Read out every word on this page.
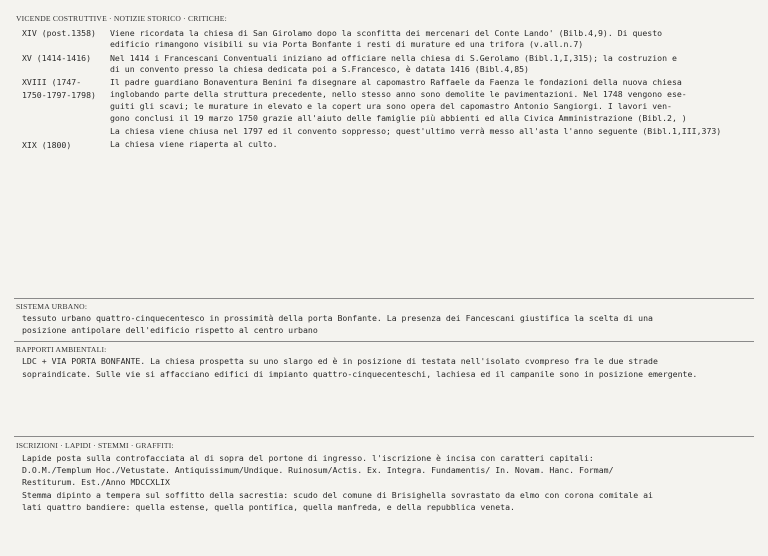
VICENDE COSTRUTTIVE · NOTIZIE STORICO · CRITICHE:
XIV (post.1358) Viene ricordata la chiesa di San Girolamo dopo la sconfitta dei mercenari del Conte Lando' (Bilb.4,9). Di questo
edificio rimangono visibili su via Porta Bonfante i resti di murature ed una trifora (v.all.n.7)
XV (1414-1416) Nel 1414 i Francescani Conventuali iniziano ad officiare nella chiesa di S.Gerolamo (Bibl.1,I,315); la costruzion e
di un convento presso la chiesa dedicata poi a S.Francesco, è datata 1416 (Bibl.4,85)
XVIII (1747-
1750-1797-1798)
Il padre guardiano Bonaventura Benini fa disegnare al capomastro Raffaele da Faenza le fondazioni della nuova chiesa
inglobando parte della struttura precedente, nello stesso anno sono demolite le pavimentazioni. Nel 1748 vengono ese-
guiti gli scavi; le murature in elevato e la copert ura sono opera del capomastro Antonio Sangiorgi. I lavori ven-
gono conclusi il 19 marzo 1750 grazie all'aiuto delle famiglie più abbienti ed alla Civica Amministrazione (Bibl.2, )
La chiesa viene chiusa nel 1797 ed il convento soppresso; quest'ultimo verrà messo all'asta l'anno seguente (Bibl.1,III,373)
XIX (1800)	La chiesa viene riaperta al culto.
SISTEMA URBANO:
tessuto urbano quattro-cinquecentesco in prossimità della porta Bonfante. La presenza dei Fancescani giustifica la scelta di una
posizione antipolare dell'edificio rispetto al centro urbano
RAPPORTI AMBIENTALI:
LDC + VIA PORTA BONFANTE. La chiesa prospetta su uno slargo ed è in posizione di testata nell'isolato cvompreso fra le due strade
sopraindicate. Sulle vie si affacciano edifici di impianto quattro-cinquecenteschi, lachiesa ed il campanile sono in posizione emergente.
ISCRIZIONI · LAPIDI · STEMMI · GRAFFITI:
Lapide posta sulla controfacciata al di sopra del portone di ingresso. l'iscrizione è incisa con caratteri capitali:
D.O.M./Templum Hoc./Vetustate. Antiquissimum/Undique. Ruinosum/Actis. Ex. Integra. Fundamentis/ In. Novam. Hanc. Formam/
Restiturum. Est./Anno MDCCXLIX
Stemma dipinto a tempera sul soffitto della sacrestia: scudo del comune di Brisighella sovrastato da elmo con corona comitale ai
lati quattro bandiere: quella estense, quella pontifica, quella manfreda, e della repubblica veneta.
